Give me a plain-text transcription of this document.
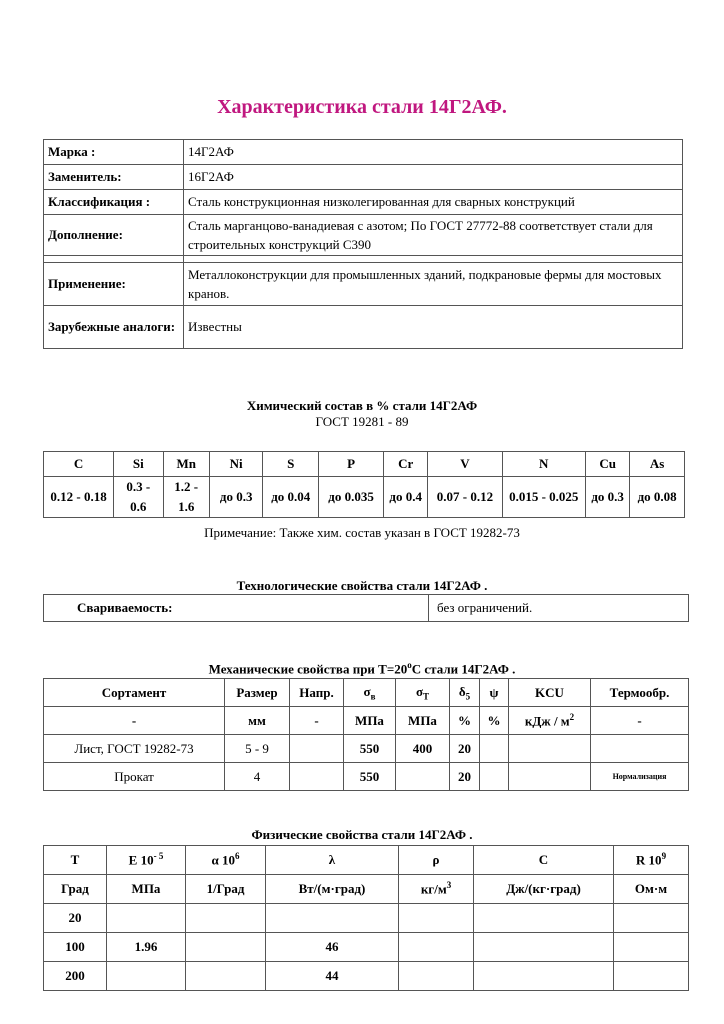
Характеристика стали 14Г2АФ.
Марка :	14Г2АФ
Заменитель:	16Г2АФ
Классификация :	Сталь конструкционная низколегированная для сварных конструкций
Дополнение:	Сталь марганцово-ванадиевая с азотом; По ГОСТ 27772-88 соответствует стали для строительных конструкций С390

Применение:	Металлоконструкции для промышленных зданий, подкрановые фермы для мостовых кранов.
Зарубежные аналоги:	Известны
Химический состав в % стали 14Г2АФ
ГОСТ 19281 - 89
C	Si	Mn	Ni	S	P	Cr	V	N	Cu	As
0.12 - 0.18	0.3 - 0.6	1.2 - 1.6	до 0.3	до 0.04	до 0.035	до 0.4	0.07 - 0.12	0.015 - 0.025	до 0.3	до 0.08
Примечание: Также хим. состав указан в ГОСТ 19282-73
Технологические свойства стали 14Г2АФ .
Свариваемость:	без ограничений.
Механические свойства при $Т=20^oС$ стали 14Г2АФ .
Сортамент	Размер	Напр.	$\sigma_в$	$\sigma_T$	$\delta_5$	ψ	KCU	Термообр.
-	мм	-	МПа	МПа	%	%	кДж / $м^2$	-
Лист, ГОСТ 19282-73	5 - 9		550	400	20			
Прокат	4		550		20			Нормализация
Физические свойства стали 14Г2АФ .
T	E $10^{- 5}$	α $10^6$	λ	ρ	C	R $10^9$
Град	МПа	1/Град	Вт/(м·град)	$кг/м^3$	Дж/(кг·град)	Ом·м
20						
100	1.96		46			
200			44			
